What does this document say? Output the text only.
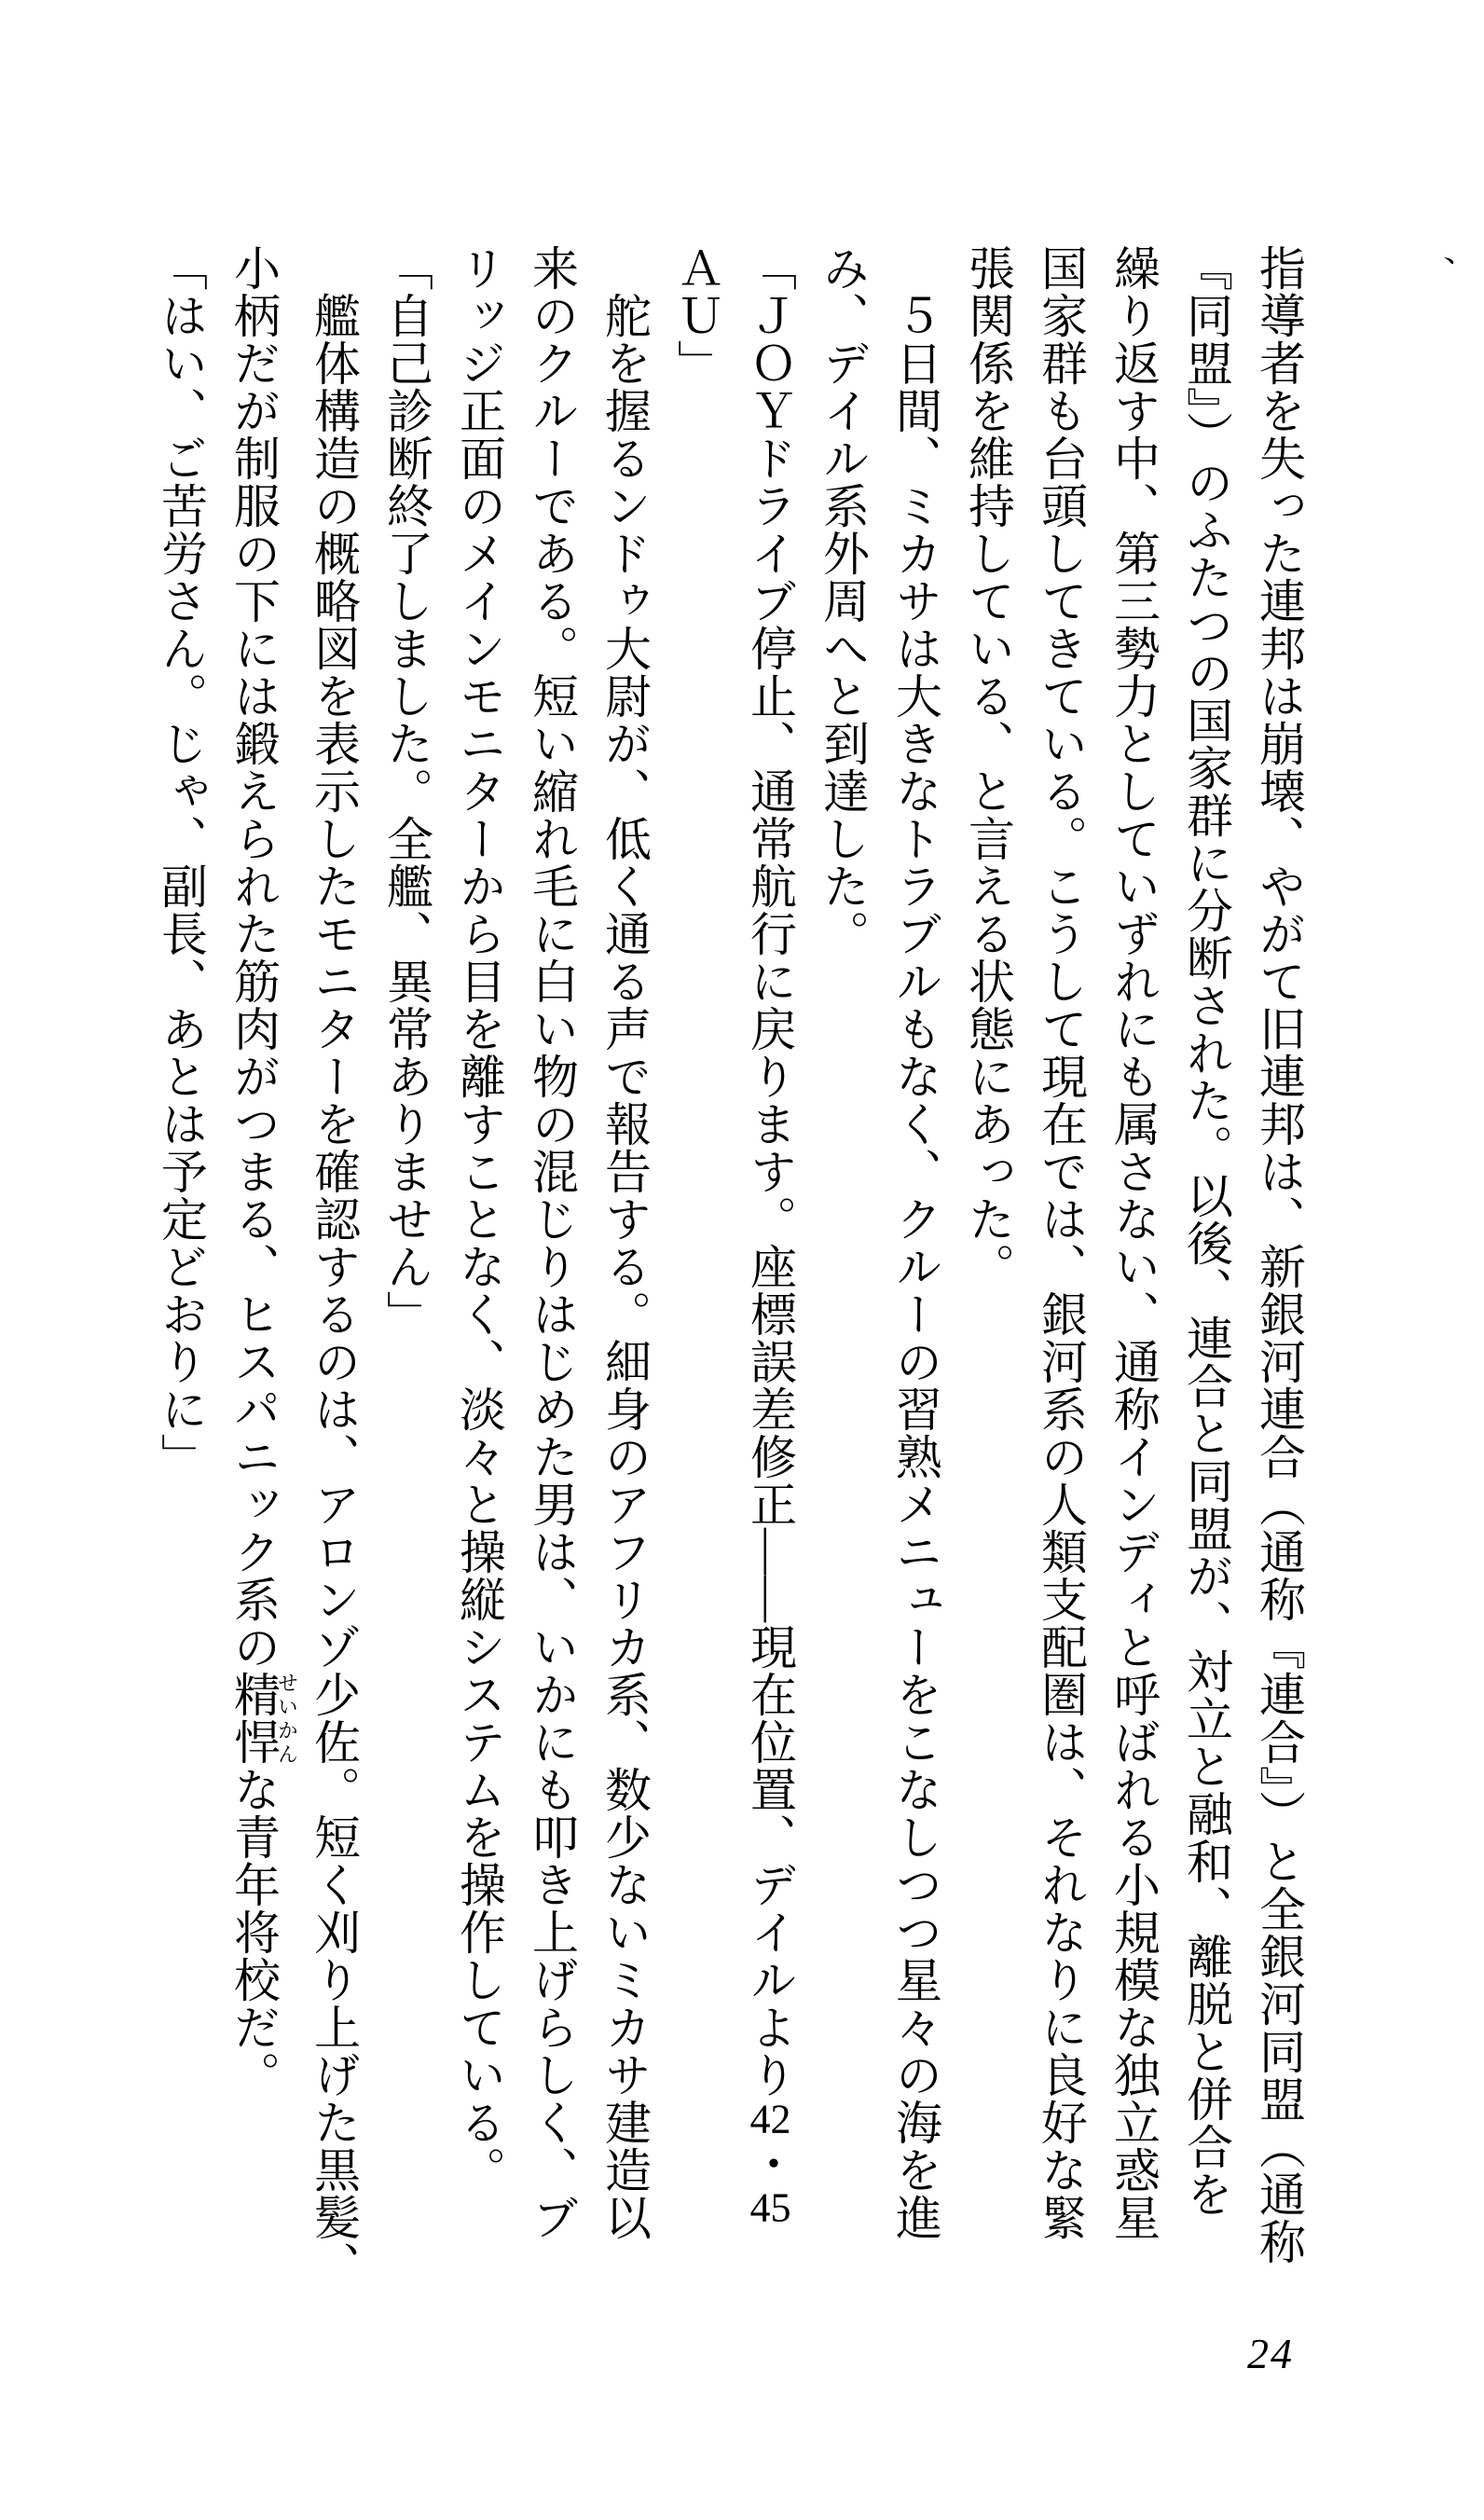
、
指導者を失った連邦は崩壊、やがて旧連邦は、新銀河連合（通称『連合』）と全銀河同盟（通称
『同盟』）のふたつの国家群に分断された。以後、連合と同盟が、対立と融和、離脱と併合を
繰り返す中、第三勢力としていずれにも属さない、通称インディと呼ばれる小規模な独立惑星
国家群も台頭してきている。こうして現在では、銀河系の人類支配圏は、それなりに良好な緊
張関係を維持している、と言える状態にあった。
　５日間、ミカサは大きなトラブルもなく、クルーの習熟メニューをこなしつつ星々の海を進
み、デイル系外周へと到達した。
「ＪＯＹドライブ停止、通常航行に戻ります。座標誤差修正——現在位置、デイルより42・45
ＡＵ」
　舵を握るンドゥ大尉が、低く通る声で報告する。細身のアフリカ系、数少ないミカサ建造以
来のクルーである。短い縮れ毛に白い物の混じりはじめた男は、いかにも叩き上げらしく、ブ
リッジ正面のメインモニターから目を離すことなく、淡々と操縦システムを操作している。
「自己診断終了しました。全艦、異常ありません」
　艦体構造の概略図を表示したモニターを確認するのは、アロンゾ少佐。短く刈り上げた黒髪、
小柄だが制服の下には鍛えられた筋肉がつまる、ヒスパニック系の精悍せいかんな青年将校だ。
「はい、ご苦労さん。じゃ、副長、あとは予定どおりに」
24
